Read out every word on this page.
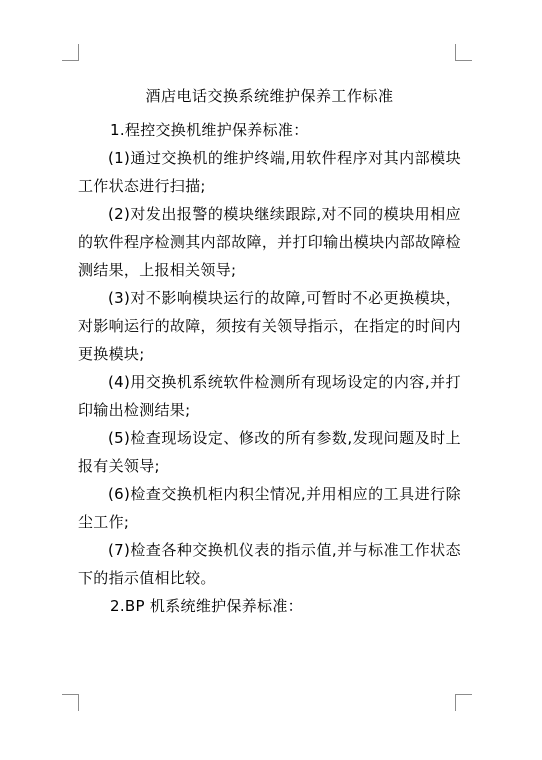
酒店电话交换系统维护保养工作标准

1.程控交换机维护保养标准：

(1)通过交换机的维护终端,用软件程序对其内部模块工作状态进行扫描;

(2)对发出报警的模块继续跟踪,对不同的模块用相应的软件程序检测其内部故障，并打印输出模块内部故障检测结果，上报相关领导;

(3)对不影响模块运行的故障,可暂时不必更换模块，对影响运行的故障，须按有关领导指示，在指定的时间内更换模块;

(4)用交换机系统软件检测所有现场设定的内容,并打印输出检测结果;

(5)检查现场设定、修改的所有参数,发现问题及时上报有关领导;

(6)检查交换机柜内积尘情况,并用相应的工具进行除尘工作;

(7)检查各种交换机仪表的指示值,并与标准工作状态下的指示值相比较。

2.BP 机系统维护保养标准：
